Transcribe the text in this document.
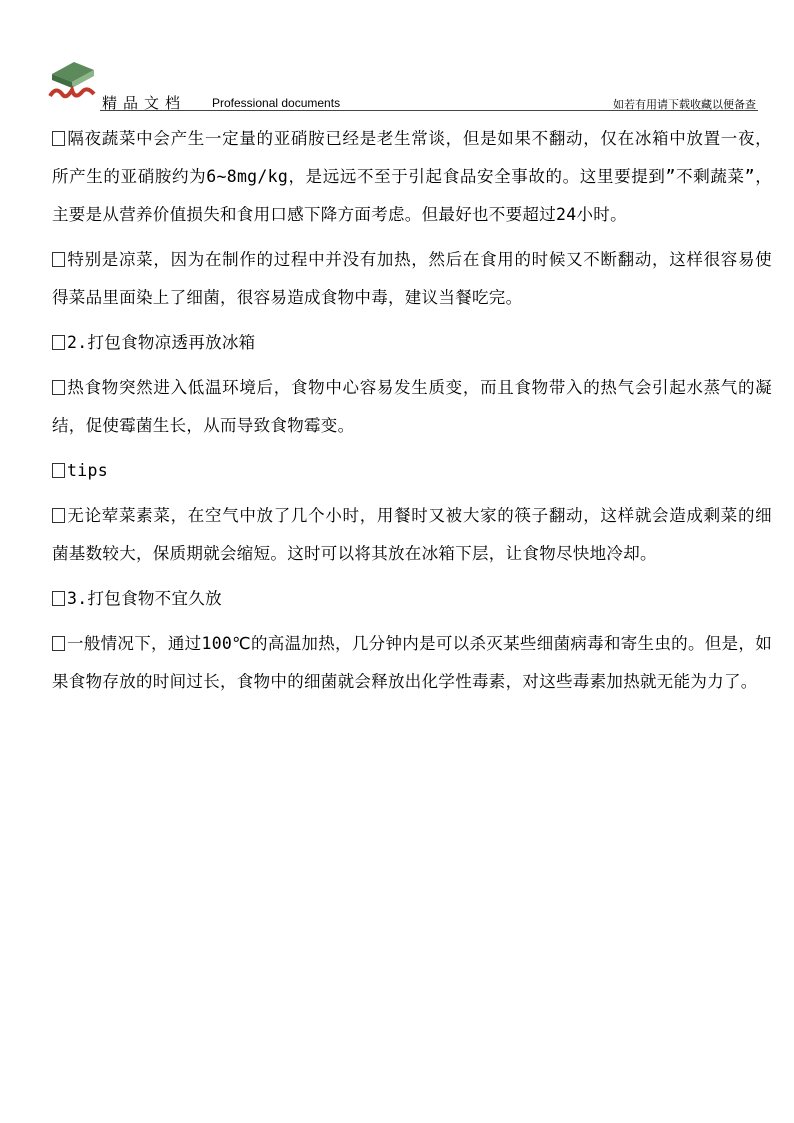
精品文档 Professional documents	如若有用请下载收藏以便备查

隔夜蔬菜中会产生一定量的亚硝胺已经是老生常谈，但是如果不翻动，仅在冰箱中放置一夜，所产生的亚硝胺约为6~8mg/kg，是远远不至于引起食品安全事故的。这里要提到”不剩蔬菜”，主要是从营养价值损失和食用口感下降方面考虑。但最好也不要超过24小时。

特别是凉菜，因为在制作的过程中并没有加热，然后在食用的时候又不断翻动，这样很容易使得菜品里面染上了细菌，很容易造成食物中毒，建议当餐吃完。

2.打包食物凉透再放冰箱

热食物突然进入低温环境后，食物中心容易发生质变，而且食物带入的热气会引起水蒸气的凝结，促使霉菌生长，从而导致食物霉变。

tips

无论荤菜素菜，在空气中放了几个小时，用餐时又被大家的筷子翻动，这样就会造成剩菜的细菌基数较大，保质期就会缩短。这时可以将其放在冰箱下层，让食物尽快地冷却。

3.打包食物不宜久放

一般情况下，通过100℃的高温加热，几分钟内是可以杀灭某些细菌病毒和寄生虫的。但是，如果食物存放的时间过长，食物中的细菌就会释放出化学性毒素，对这些毒素加热就无能为力了。
